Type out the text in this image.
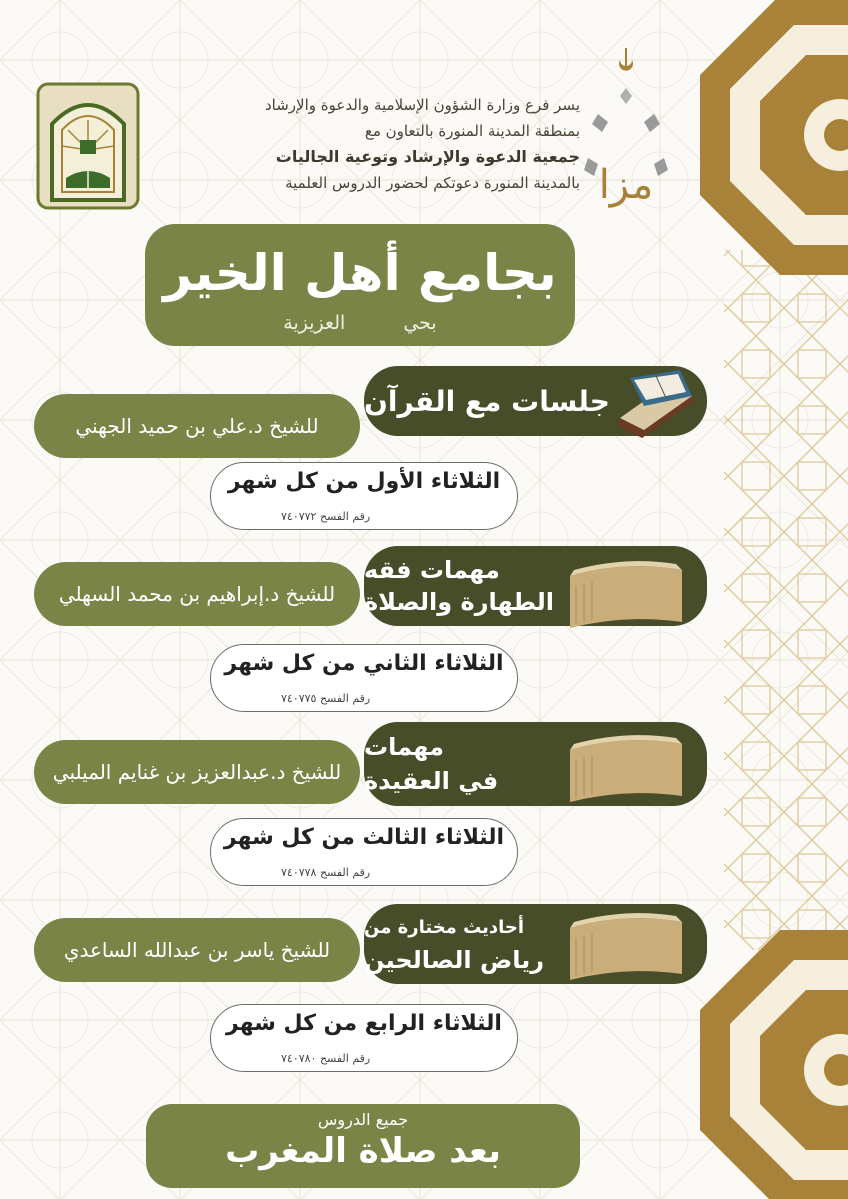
مزا
يسر فرع وزارة الشؤون الإسلامية والدعوة والإرشاد
بمنطقة المدينة المنورة بالتعاون مع
جمعية الدعوة والإرشاد وتوعية الجاليات
بالمدينة المنورة دعوتكم لحضور الدروس العلمية
بجامع أهل الخير
بحي العزيزية
للشيخ د.علي بن حميد الجهني
جلسات مع القرآن
الثلاثاء الأول من كل شهر
رقم الفسح ٧٤٠٧٧٢
للشيخ د.إبراهيم بن محمد السهلي
مهمات فقه
الطهارة والصلاة
الثلاثاء الثاني من كل شهر
رقم الفسح ٧٤٠٧٧٥
للشيخ د.عبدالعزيز بن غنايم الميلبي
مهمات
في العقيدة
الثلاثاء الثالث من كل شهر
رقم الفسح ٧٤٠٧٧٨
للشيخ ياسر بن عبدالله الساعدي
أحاديث مختارة من
رياض الصالحين
الثلاثاء الرابع من كل شهر
رقم الفسح ٧٤٠٧٨٠
جميع الدروس
بعد صلاة المغرب
